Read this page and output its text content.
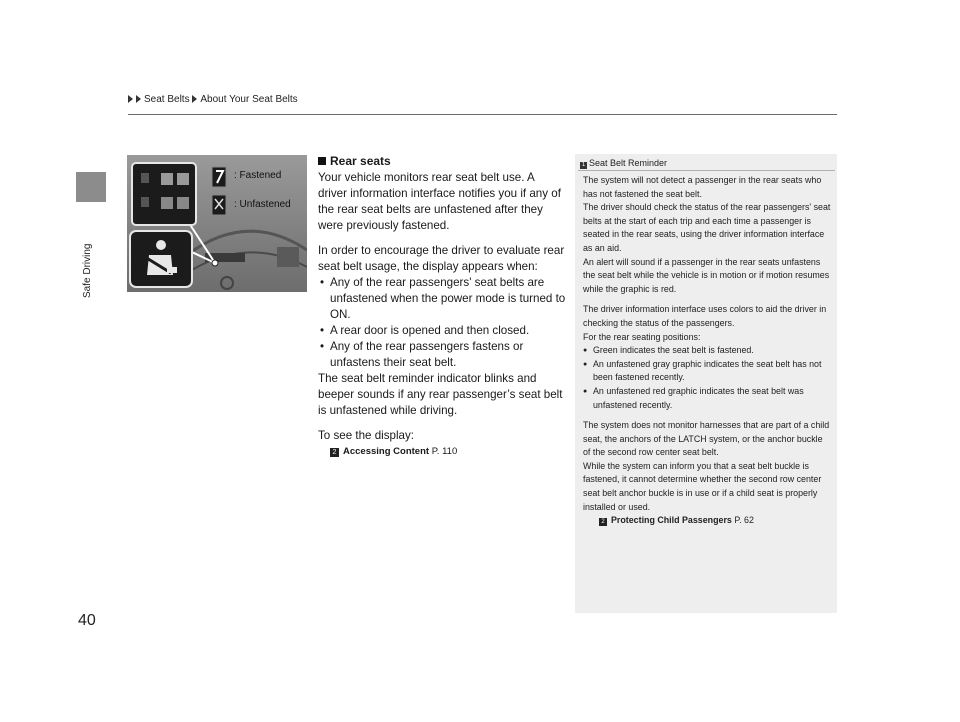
Seat Belts About Your Seat Belts
Safe Driving
40
: Fastened
: Unfastened
Rear seats

Your vehicle monitors rear seat belt use. A driver information interface notifies you if any of the rear seat belts are unfastened after they were previously fastened.

In order to encourage the driver to evaluate rear seat belt usage, the display appears when:

• Any of the rear passengers' seat belts are unfastened when the power mode is turned to ON.
• A rear door is opened and then closed.
• Any of the rear passengers fastens or unfastens their seat belt.

The seat belt reminder indicator blinks and beeper sounds if any rear passenger’s seat belt is unfastened while driving.

To see the display:

2 Accessing Content P. 110
1 Seat Belt Reminder

The system will not detect a passenger in the rear seats who has not fastened the seat belt.

The driver should check the status of the rear passengers' seat belts at the start of each trip and each time a passenger is seated in the rear seats, using the driver information interface as an aid.

An alert will sound if a passenger in the rear seats unfastens the seat belt while the vehicle is in motion or if motion resumes while the graphic is red.

The driver information interface uses colors to aid the driver in checking the status of the passengers.

For the rear seating positions:

● Green indicates the seat belt is fastened.
● An unfastened gray graphic indicates the seat belt has not been fastened recently.
● An unfastened red graphic indicates the seat belt was unfastened recently.

The system does not monitor harnesses that are part of a child seat, the anchors of the LATCH system, or the anchor buckle of the second row center seat belt.

While the system can inform you that a seat belt buckle is fastened, it cannot determine whether the second row center seat belt anchor buckle is in use or if a child seat is properly installed or used.

2 Protecting Child Passengers P. 62
